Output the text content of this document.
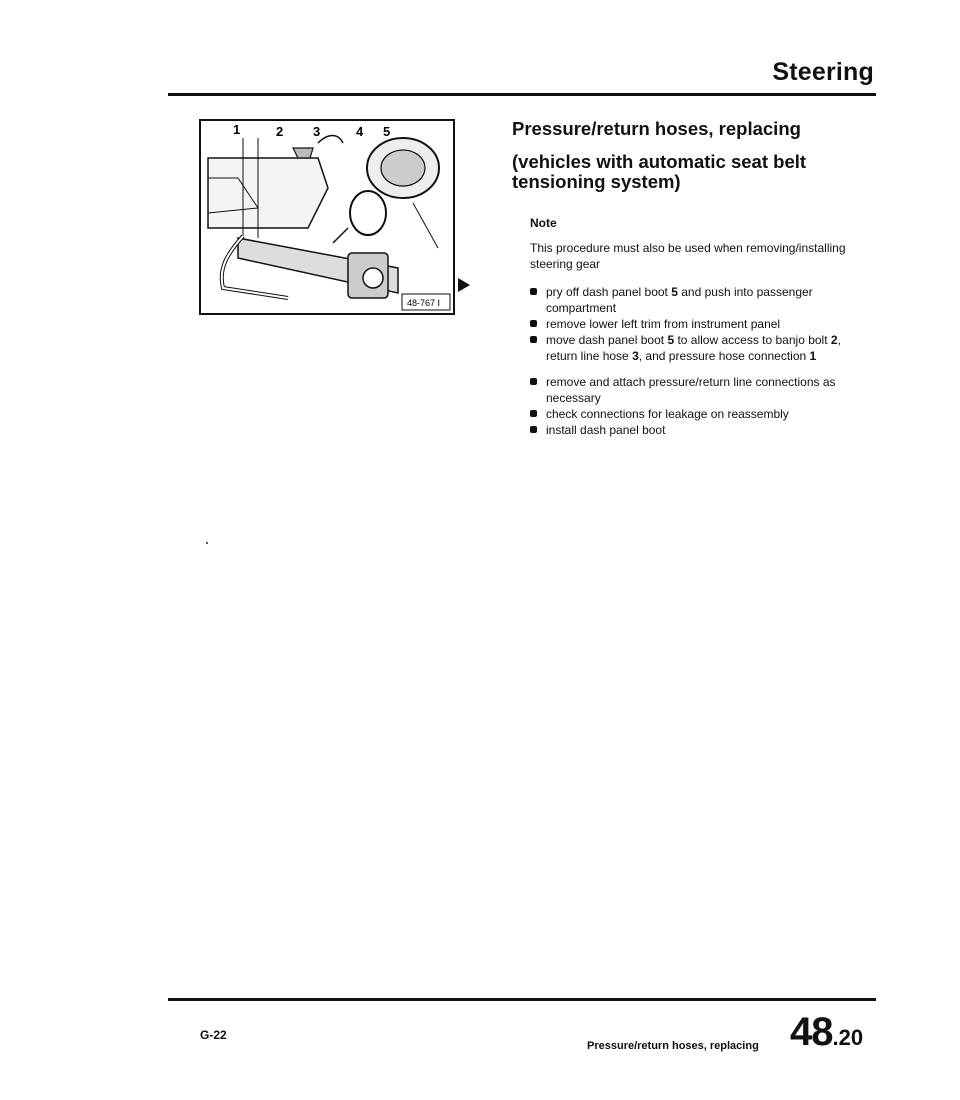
Steering
1	2 3	4 5
48-767 I
Pressure/return hoses, replacing
(vehicles with automatic seat belt tensioning system)
Note
This procedure must also be used when removing/installing steering gear
pry off dash panel boot 5 and push into passenger compartment
remove lower left trim from instrument panel
move dash panel boot 5 to allow access to banjo bolt 2, return line hose 3, and pressure hose connection 1
remove and attach pressure/return line connections as necessary
check connections for leakage on reassembly
install dash panel boot
G-22
Pressure/return hoses, replacing 48.20
